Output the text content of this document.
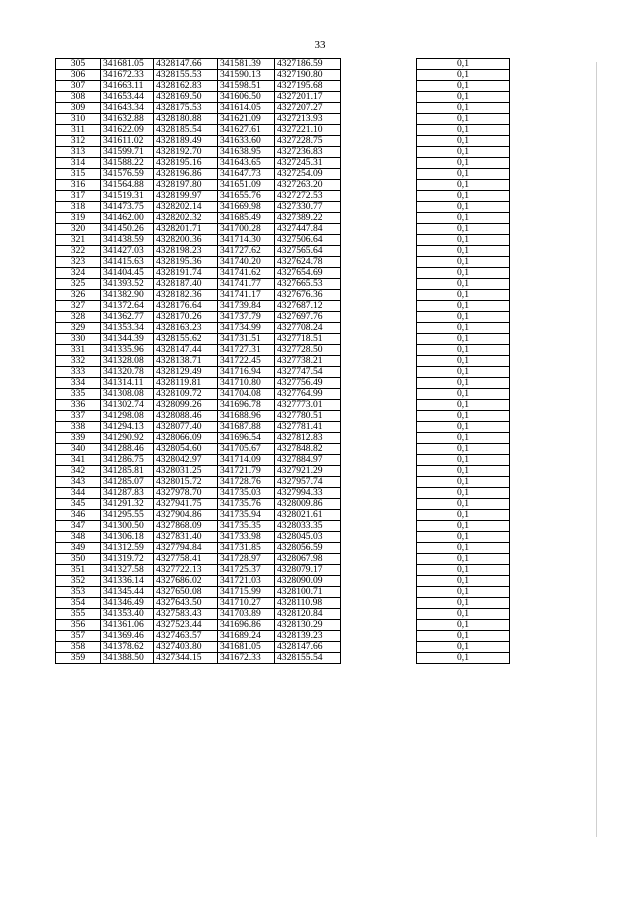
33
305	341681.05	4328147.66	341581.39	4327186.59		0,1
306	341672.33	4328155.53	341590.13	4327190.80		0,1
307	341663.11	4328162.83	341598.51	4327195.68		0,1
308	341653.44	4328169.50	341606.50	4327201.17		0,1
309	341643.34	4328175.53	341614.05	4327207.27		0,1
310	341632.88	4328180.88	341621.09	4327213.93		0,1
311	341622.09	4328185.54	341627.61	4327221.10		0,1
312	341611.02	4328189.49	341633.60	4327228.75		0,1
313	341599.71	4328192.70	341638.95	4327236.83		0,1
314	341588.22	4328195.16	341643.65	4327245.31		0,1
315	341576.59	4328196.86	341647.73	4327254.09		0,1
316	341564.88	4328197.80	341651.09	4327263.20		0,1
317	341519.31	4328199.97	341655.76	4327272.53		0,1
318	341473.75	4328202.14	341669.98	4327330.77		0,1
319	341462.00	4328202.32	341685.49	4327389.22		0,1
320	341450.26	4328201.71	341700.28	4327447.84		0,1
321	341438.59	4328200.36	341714.30	4327506.64		0,1
322	341427.03	4328198.23	341727.62	4327565.64		0,1
323	341415.63	4328195.36	341740.20	4327624.78		0,1
324	341404.45	4328191.74	341741.62	4327654.69		0,1
325	341393.52	4328187.40	341741.77	4327665.53		0,1
326	341382.90	4328182.36	341741.17	4327676.36		0,1
327	341372.64	4328176.64	341739.84	4327687.12		0,1
328	341362.77	4328170.26	341737.79	4327697.76		0,1
329	341353.34	4328163.23	341734.99	4327708.24		0,1
330	341344.39	4328155.62	341731.51	4327718.51		0,1
331	341335.96	4328147.44	341727.31	4327728.50		0,1
332	341328.08	4328138.71	341722.45	4327738.21		0,1
333	341320.78	4328129.49	341716.94	4327747.54		0,1
334	341314.11	4328119.81	341710.80	4327756.49		0,1
335	341308.08	4328109.72	341704.08	4327764.99		0,1
336	341302.74	4328099.26	341696.78	4327773.01		0,1
337	341298.08	4328088.46	341688.96	4327780.51		0,1
338	341294.13	4328077.40	341687.88	4327781.41		0,1
339	341290.92	4328066.09	341696.54	4327812.83		0,1
340	341288.46	4328054.60	341705.67	4327848.82		0,1
341	341286.75	4328042.97	341714.09	4327884.97		0,1
342	341285.81	4328031.25	341721.79	4327921.29		0,1
343	341285.07	4328015.72	341728.76	4327957.74		0,1
344	341287.83	4327978.70	341735.03	4327994.33		0,1
345	341291.32	4327941.75	341735.76	4328009.86		0,1
346	341295.55	4327904.86	341735.94	4328021.61		0,1
347	341300.50	4327868.09	341735.35	4328033.35		0,1
348	341306.18	4327831.40	341733.98	4328045.03		0,1
349	341312.59	4327794.84	341731.85	4328056.59		0,1
350	341319.72	4327758.41	341728.97	4328067.98		0,1
351	341327.58	4327722.13	341725.37	4328079.17		0,1
352	341336.14	4327686.02	341721.03	4328090.09		0,1
353	341345.44	4327650.08	341715.99	4328100.71		0,1
354	341346.49	4327643.50	341710.27	4328110.98		0,1
355	341353.40	4327583.43	341703.89	4328120.84		0,1
356	341361.06	4327523.44	341696.86	4328130.29		0,1
357	341369.46	4327463.57	341689.24	4328139.23		0,1
358	341378.62	4327403.80	341681.05	4328147.66		0,1
359	341388.50	4327344.15	341672.33	4328155.54		0,1
